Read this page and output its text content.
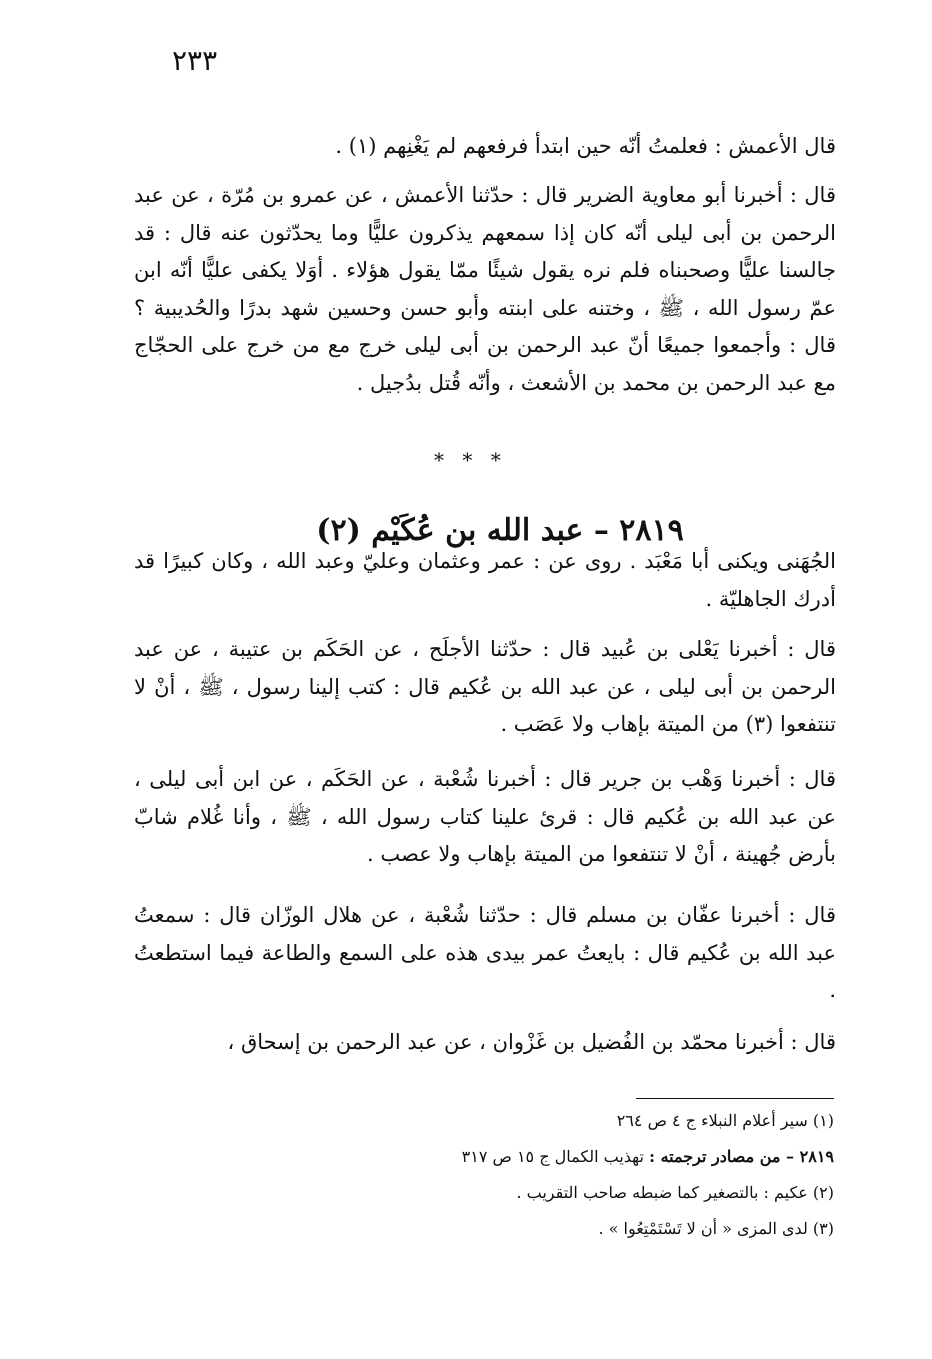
٢٣٣

قال الأعمش : فعلمتُ أنّه حين ابتدأ فرفعهم لم يَغْنِهم (١) .

قال : أخبرنا أبو معاوية الضرير قال : حدّثنا الأعمش ، عن عمرو بن مُرّة ، عن عبد الرحمن بن أبى ليلى أنّه كان إذا سمعهم يذكرون عليًّا وما يحدّثون عنه قال : قد جالسنا عليًّا وصحبناه فلم نره يقول شيئًا ممّا يقول هؤلاء . أوَلا يكفى عليًّا أنّه ابن عمّ رسول الله ، ﷺ ، وختنه على ابنته وأبو حسن وحسين شهد بدرًا والحُديبية ؟ قال : وأجمعوا جميعًا أنّ عبد الرحمن بن أبى ليلى خرج مع من خرج على الحجّاج مع عبد الرحمن بن محمد بن الأشعث ، وأنّه قُتل بدُجيل .

* * *
٢٨١٩ – عبد الله بن عُكَيْم (٢)

الجُهَنى ويكنى أبا مَعْبَد . روى عن : عمر وعثمان وعليّ وعبد الله ، وكان كبيرًا قد أدرك الجاهليّة .

قال : أخبرنا يَعْلى بن عُبيد قال : حدّثنا الأجلَح ، عن الحَكَم بن عتيبة ، عن عبد الرحمن بن أبى ليلى ، عن عبد الله بن عُكيم قال : كتب إلينا رسول ، ﷺ ، أنْ لا تنتفعوا (٣) من الميتة بإهاب ولا عَصَب .

قال : أخبرنا وَهْب بن جرير قال : أخبرنا شُعْبة ، عن الحَكَم ، عن ابن أبى ليلى ، عن عبد الله بن عُكيم قال : قرئ علينا كتاب رسول الله ، ﷺ ، وأنا غُلام شابّ بأرض جُهينة ، أنْ لا تنتفعوا من الميتة بإهاب ولا عصب .

قال : أخبرنا عفّان بن مسلم قال : حدّثنا شُعْبة ، عن هلال الوزّان قال : سمعتُ عبد الله بن عُكيم قال : بايعتُ عمر بيدى هذه على السمع والطاعة فيما استطعتُ .

قال : أخبرنا محمّد بن الفُضيل بن غَزْوان ، عن عبد الرحمن بن إسحاق ،

(١) سير أعلام النبلاء ج ٤ ص ٢٦٤

٢٨١٩ – من مصادر ترجمته : تهذيب الكمال ج ١٥ ص ٣١٧

(٢) عكيم : بالتصغير كما ضبطه صاحب التقريب .

(٣) لدى المزى « أن لا تَسْتَمْتِعُوا » .
